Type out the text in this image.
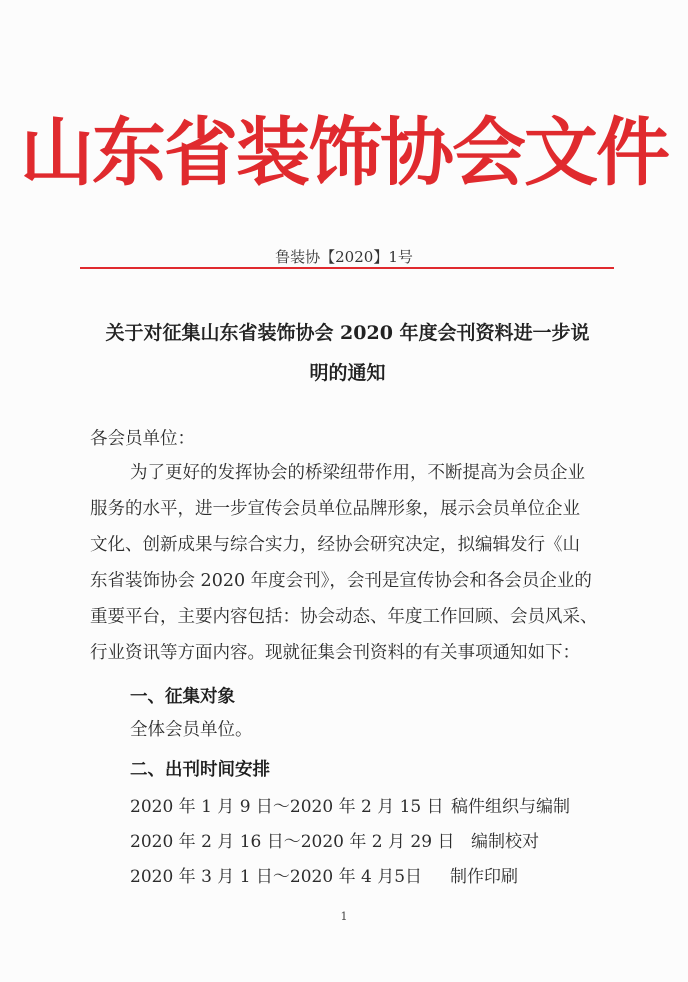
山东省装饰协会文件
鲁装协【2020】1号
关于对征集山东省装饰协会 2020 年度会刊资料进一步说
明的通知
各会员单位：
为了更好的发挥协会的桥梁纽带作用，不断提高为会员企业
服务的水平，进一步宣传会员单位品牌形象，展示会员单位企业
文化、创新成果与综合实力，经协会研究决定，拟编辑发行《山
东省装饰协会 2020 年度会刊》，会刊是宣传协会和各会员企业的
重要平台，主要内容包括：协会动态、年度工作回顾、会员风采、
行业资讯等方面内容。现就征集会刊资料的有关事项通知如下：
一、征集对象
全体会员单位。
二、出刊时间安排
2020 年 1 月 9 日～2020 年 2 月 15 日 稿件组织与编制
2020 年 2 月 16 日～2020 年 2 月 29 日 编制校对
2020 年 3 月 1 日～2020 年 4 月5日 制作印刷
1
